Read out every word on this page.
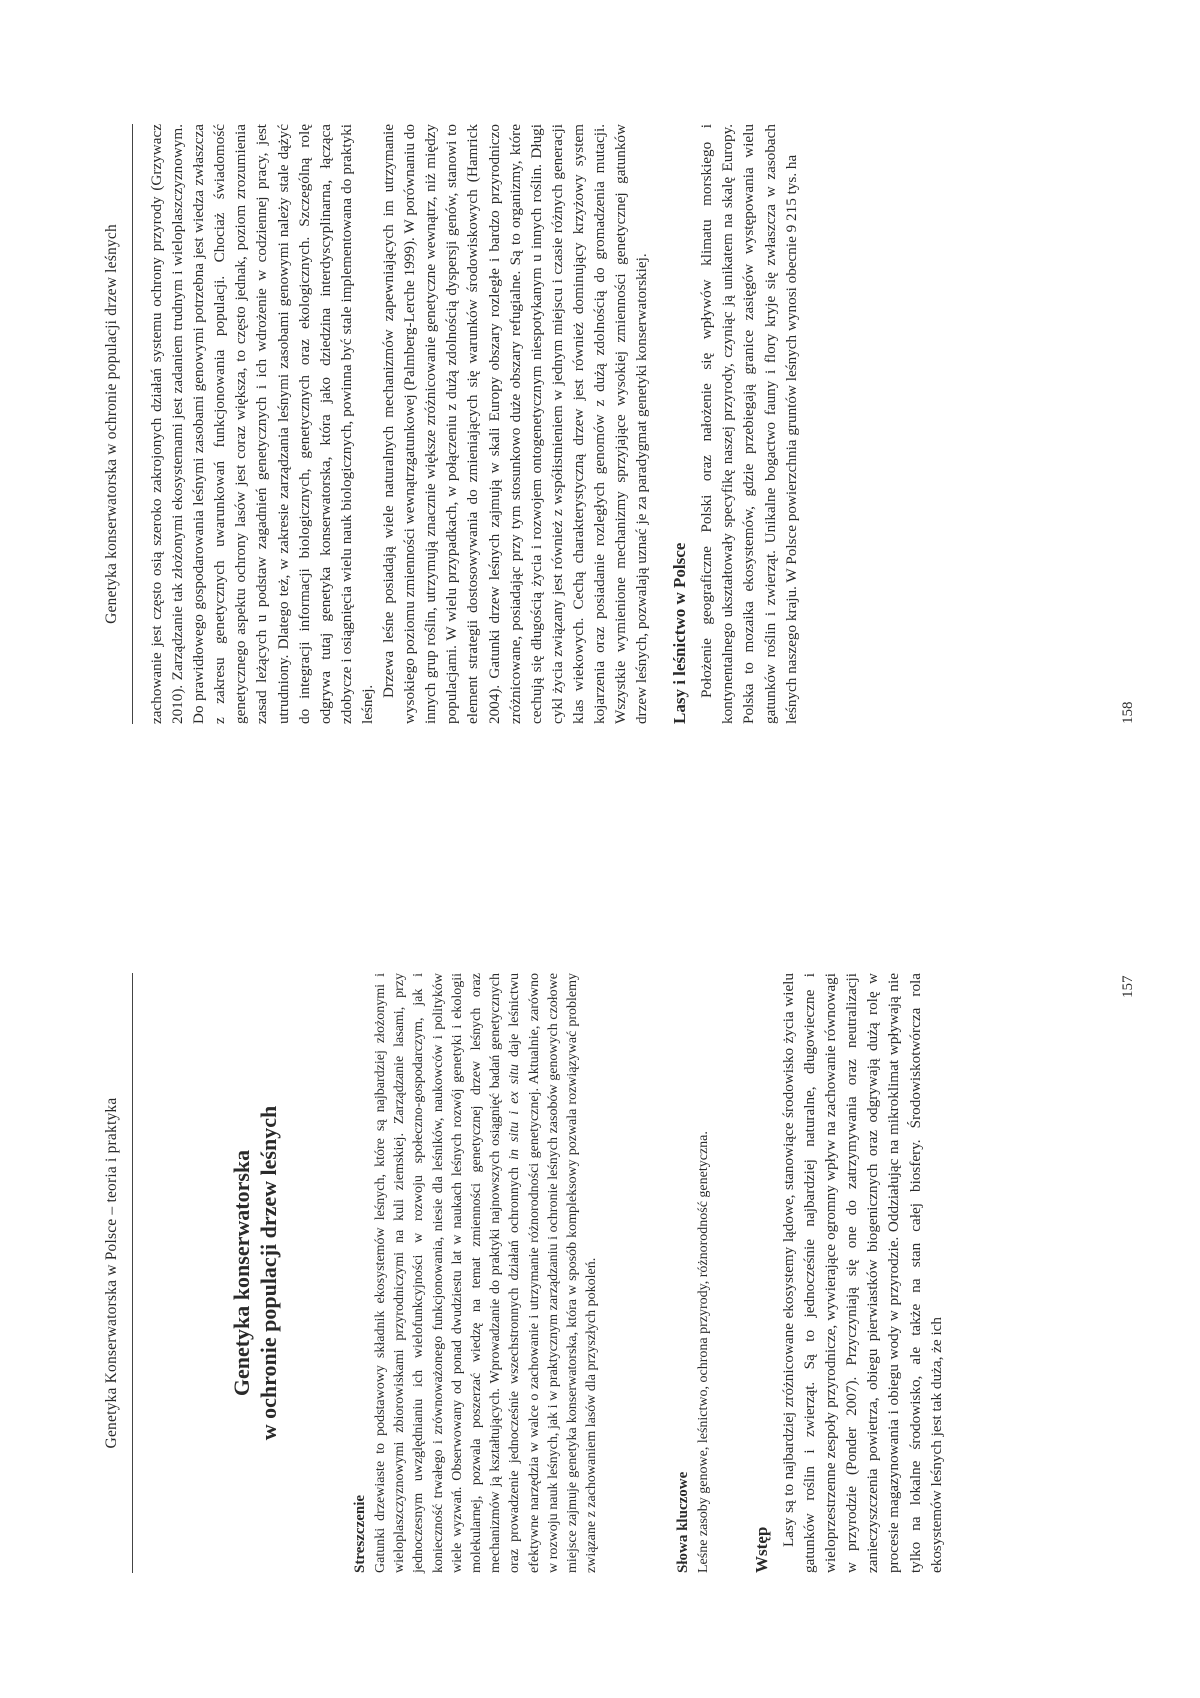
Genetyka Konserwatorska w Polsce – teoria i praktyka	Genetyka konserwatorska w ochronie populacji drzew leśnych

Streszczenie Gatunki drzewiaste to podstawowy składnik ekosystemów leśnych, które są najbardziej złożonymi i wieloplaszczyznowymi zbiorowiskami przyrodniczymi na kuli ziemskiej. Zarządzanie lasami, przy jednoczesnym uwzględnianiu ich wielofunkcyjności w rozwoju społeczno-gospodarczym, jak i konieczność trwałego i zrównoważonego funkcjonowania, niesie dla leśników, naukowców i polityków wiele wyzwań. Obserwowany od ponad dwudziestu lat w naukach leśnych rozwój genetyki i ekologii molekularnej, pozwala poszerzać wiedzę na temat zmienności genetycznej drzew leśnych oraz mechanizmów ją kształtujących. Wprowadzanie do praktyki najnowszych osiągnięć badań genetycznych oraz prowadzenie jednocześnie wszechstronnych działań ochronnych in situ i ex situ daje leśnictwu efektywne narzędzia w walce o zachowanie i utrzymanie różnorodności genetycznej. Aktualnie, zarówno w rozwoju nauk leśnych, jak i w praktycznym zarządzaniu i ochronie leśnych zasobów genowych czołowe miejsce zajmuje genetyka konserwatorska, która w sposób kompleksowy pozwala rozwiązywać problemy związane z zachowaniem lasów dla przyszłych pokoleń.	Słowa kluczowe Leśne zasoby genowe, leśnictwo, ochrona przyrody, różnorodność genetyczna. Wstęp

Lasy są to najbardziej zróżnicowane ekosystemy lądowe, stanowiące środowisko życia wielu gatunków roślin i zwierząt. Są to jednocześnie najbardziej naturalne, długowieczne i wieloprzestrzenne zespoły przyrodnicze, wywierające ogromny wpływ na zachowanie równowagi w przyrodzie (Ponder 2007). Przyczyniają się one do zatrzymywania oraz neutralizacji zanieczyszczenia powietrza, obiegu pierwiastków biogenicznych oraz odgrywają dużą rolę w procesie magazynowania i obiegu wody w przyrodzie. Oddziałując na mikroklimat wpływają nie tylko na lokalne środowisko, ale także na stan całej biosfery. Środowiskotwórcza rola ekosystemów leśnych jest tak duża, że ich

157
Genetyka konserwatorska w ochronie populacji drzew leśnych zachowanie jest często osią szeroko zakrojonych działań systemu ochrony przyrody (Grzywacz 2010). Zarządzanie tak złożonymi ekosystemami jest zadaniem trudnym i wieloplaszczyznowym. Do prawidłowego gospodarowania leśnymi zasobami genowymi potrzebna jest wiedza zwłaszcza z zakresu genetycznych uwarunkowań funkcjonowania populacji. Chociaż świadomość genetycznego aspektu ochrony lasów jest coraz większa, to często jednak, poziom zrozumienia zasad leżących u podstaw zagadnień genetycznych i ich wdrożenie w codziennej pracy, jest utrudniony. Dlatego też, w zakresie zarządzania leśnymi zasobami genowymi należy stale dążyć do integracji informacji biologicznych, genetycznych oraz ekologicznych. Szczególną rolę odgrywa tutaj genetyka konserwatorska, która jako dziedzina interdyscyplinarna, łącząca zdobycze i osiągnięcia wielu nauk biologicznych, powinna być stale implementowana do praktyki leśnej.

Drzewa leśne posiadają wiele naturalnych mechanizmów zapewniających im utrzymanie wysokiego poziomu zmienności wewnątrzgatunkowej (Palmberg-Lerche 1999). W porównaniu do innych grup roślin, utrzymują znacznie większe zróżnicowanie genetyczne wewnątrz, niż między populacjami. W wielu przypadkach, w połączeniu z dużą zdolnością dyspersji genów, stanowi to element strategii dostosowywania do zmieniających się warunków środowiskowych (Hamrick 2004). Gatunki drzew leśnych zajmują w skali Europy obszary rozległe i bardzo przyrodniczo zróżnicowane, posiadając przy tym stosunkowo duże obszary refugialne. Są to organizmy, które cechują się długością życia i rozwojem ontogenetycznym niespotykanym u innych roślin. Długi cykl życia związany jest również z współistnieniem w jednym miejscu i czasie różnych generacji klas wiekowych. Cechą charakterystyczną drzew jest również dominujący krzyżowy system kojarzenia oraz posiadanie rozległych genomów z dużą zdolnością do gromadzenia mutacji. Wszystkie wymienione mechanizmy sprzyjające wysokiej zmienności genetycznej gatunków drzew leśnych, pozwalają uznać je za paradygmat genetyki konserwatorskiej. Lasy i leśnictwo w Polsce Położenie geograficzne Polski oraz nałożenie się wpływów klimatu morskiego i kontynentalnego ukształtowały specyfikę naszej przyrody, czyniąc ją unikatem na skalę Europy. Polska to mozaika ekosystemów, gdzie przebiegają granice zasięgów występowania wielu gatunków roślin i zwierząt. Unikalne bogactwo fauny i flory kryje się zwłaszcza w zasobach leśnych naszego kraju. W Polsce powierzchnia gruntów leśnych wynosi obecnie 9 215 tys. ha	158
